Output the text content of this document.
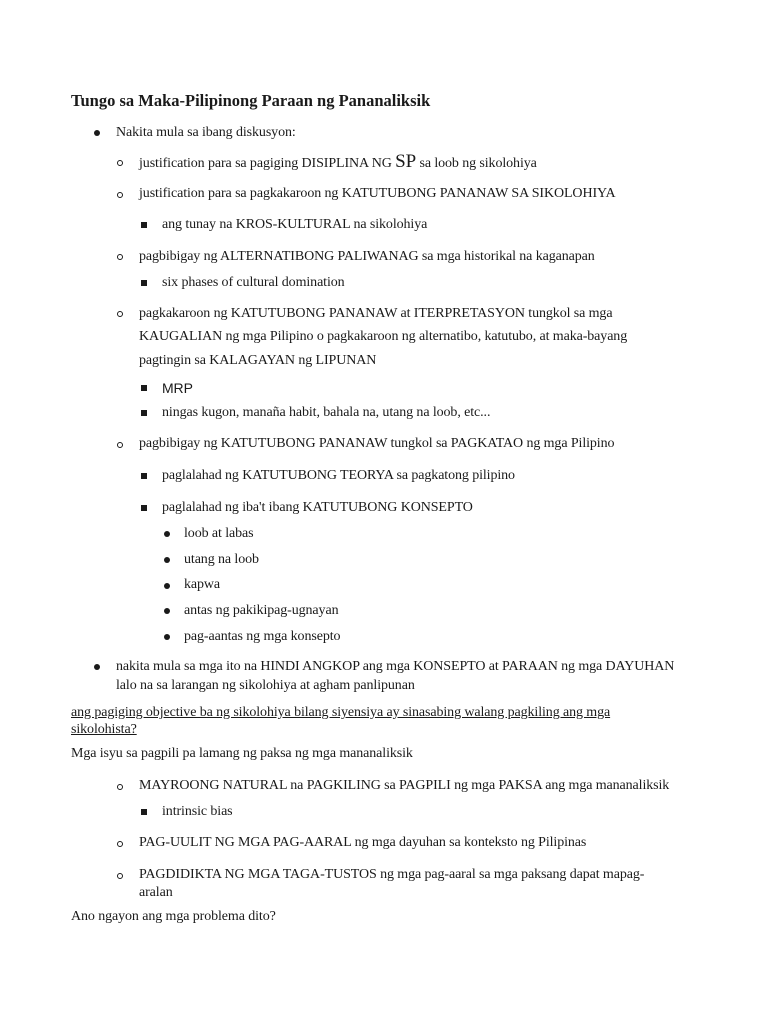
Tungo sa Maka-Pilipinong Paraan ng Pananaliksik
Nakita mula sa ibang diskusyon:
justification para sa pagiging DISIPLINA NG SP sa loob ng sikolohiya
justification para sa pagkakaroon ng KATUTUBONG PANANAW SA SIKOLOHIYA
ang tunay na KROS-KULTURAL na sikolohiya
pagbibigay ng ALTERNATIBONG PALIWANAG sa mga historikal na kaganapan
six phases of cultural domination
pagkakaroon ng KATUTUBONG PANANAW at ITERPRETASYON tungkol sa mga
KAUGALIAN ng mga Pilipino o pagkakaroon ng alternatibo, katutubo, at maka-bayang
pagtingin sa KALAGAYAN ng LIPUNAN
MRP
ningas kugon, manaña habit, bahala na, utang na loob, etc...
pagbibigay ng KATUTUBONG PANANAW tungkol sa PAGKATAO ng mga Pilipino
paglalahad ng KATUTUBONG TEORYA sa pagkatong pilipino
paglalahad ng iba't ibang KATUTUBONG KONSEPTO
loob at labas
utang na loob
kapwa
antas ng pakikipag-ugnayan
pag-aantas ng mga konsepto
nakita mula sa mga ito na HINDI ANGKOP ang mga KONSEPTO at PARAAN ng mga DAYUHAN
lalo na sa larangan ng sikolohiya at agham panlipunan
ang pagiging objective ba ng sikolohiya bilang siyensiya ay sinasabing walang pagkiling ang mga
sikolohista?
Mga isyu sa pagpili pa lamang ng paksa ng mga mananaliksik
MAYROONG NATURAL na PAGKILING sa PAGPILI ng mga PAKSA ang mga mananaliksik
intrinsic bias
PAG-UULIT NG MGA PAG-AARAL ng mga dayuhan sa konteksto ng Pilipinas
PAGDIDIKTA NG MGA TAGA-TUSTOS ng mga pag-aaral sa mga paksang dapat mapag-
aralan
Ano ngayon ang mga problema dito?
